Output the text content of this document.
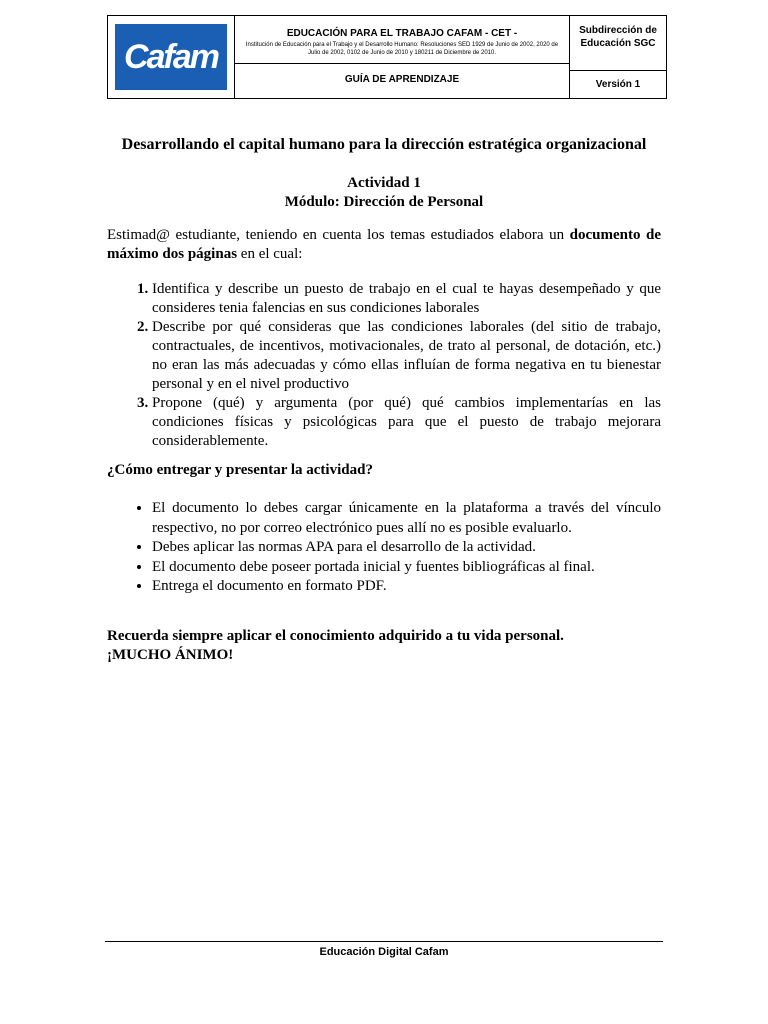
Cafam
EDUCACIÓN PARA EL TRABAJO CAFAM - CET -
Institución de Educación para el Trabajo y el Desarrollo Humano: Resoluciones SED 1929 de Junio de 2002, 2020 de Julio de 2002, 0102 de Junio de 2010 y 180211 de Diciembre de 2010.
GUÍA DE APRENDIZAJE
Subdirección de Educación SGC
Versión 1
Desarrollando el capital humano para la dirección estratégica organizacional
Actividad 1
Módulo: Dirección de Personal
Estimad@ estudiante, teniendo en cuenta los temas estudiados elabora un documento de máximo dos páginas en el cual:
1. Identifica y describe un puesto de trabajo en el cual te hayas desempeñado y que consideres tenia falencias en sus condiciones laborales
2. Describe por qué consideras que las condiciones laborales (del sitio de trabajo, contractuales, de incentivos, motivacionales, de trato al personal, de dotación, etc.) no eran las más adecuadas y cómo ellas influían de forma negativa en tu bienestar personal y en el nivel productivo
3. Propone (qué) y argumenta (por qué) qué cambios implementarías en las condiciones físicas y psicológicas para que el puesto de trabajo mejorara considerablemente.
¿Cómo entregar y presentar la actividad?
• El documento lo debes cargar únicamente en la plataforma a través del vínculo respectivo, no por correo electrónico pues allí no es posible evaluarlo.
• Debes aplicar las normas APA para el desarrollo de la actividad.
• El documento debe poseer portada inicial y fuentes bibliográficas al final.
• Entrega el documento en formato PDF.
Recuerda siempre aplicar el conocimiento adquirido a tu vida personal.
¡MUCHO ÁNIMO!
Educación Digital Cafam
